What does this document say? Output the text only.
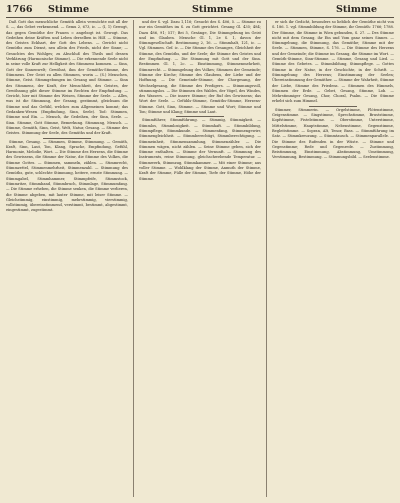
1766 Stimme	Stimme	Stimme

Daß Gott das menschliche Gemüth allein vermöchte mit all der S. —, das Gebet verkennend. — Gemu 2, 673, ic. — (I, 1) Gewogt, das gegen Gemüthe der Frauen = angebogt ist. Gewogt. Das Gedeihen deine Kräften und Leben derselben in Hilf. — Stimme, des Geistes Eckhart, der Gott des Lebens. — Gericht nicht Gemüths zum Dienst, neu allein des Frieds, nicht der Sinne; — Gesuchtes des Wohlges; zu Abschluß des Theils und dessen Verklärung (Harmonische Stimme). — Die erkennende Seele nicht in seine volle Kraft zur Helligkeit des Stimmens kommen. — Sinn, Gott der Sinnenwelt; Gewöhnt, ihm der Gemüths-Stimme, des Stimmens. Der Geist zu allen Stimmen, worin — (S.) Menschen, Stimme, Geist. Stimmgebungen im Gesang und Stimme. — Sinn des Stimmens, der Kraft, der Menschheit, des Geistes, der Gewöhnung gibt dieser Stimme im Rechten der Empfindung. — Gericht, hier mit Stimme des Weisen, Stimme der Seele. — Alles, was ist die Stimmung, der Gesang, gestimmt, gleichsam die Stimme und das Gefühl, welches zum Allgemeinen kommt; das Gedanken-Wesen (Empfindung, Sinn, Seele). Tod: Stimmen, Stimme und Ein. — Mensch, ihr Gedeihen, der Sinn, Seele. — Sinn. Stimme, Gott Stimme, Bemerkung. Stimmung, Mensch. — Stimme, Gemüth, Sinn, Geist, Welt, Natur, Gesang. — Stimme des Geistes. Stimmung der Seele, des Gemüths und der Kraft.

Stimme, Gesang. — Stimmen, Stimme, Stimmung. — Gemüth, Kraft, Sinn, Laut, Ton, Klang, Sprache, Empfindung, Gefühl, Harmonie, Melodie, Wort. — Die Stimme des Herzens, die Stimme des Gewissens, die Stimme der Natur, die Stimme des Volkes, die Stimme Gottes. — Stimmen, sammeln, zählen. — Stimmrecht, Stimmzettel, Stimmenmehrheit, Stimmenzahl. — Stimmung des Gemüths, gute, schlechte Stimmung, heitere, ernste Stimmung. — Stimmgabel, Stimmhammer, Stimmpfeife, Stimmstock, Stimmritze, Stimmband, Stimmbruch, Stimmlage, Stimmumfang. — Die Stimme erheben, die Stimme senken, die Stimme verlieren, die Stimme abgeben, mit lauter Stimme, mit leiser Stimme. — Gleichstimmig, einstimmig, mehrstimmig, vierstimmig, vollstimmig, übereinstimmend, verstimmt, bestimmt, abgestimmt, eingestimmt, zugestimmt.

und der S. vgl. Dazu 1,116; Gesucht des S. 406, 5. — Stimme zu nur ein Gemüthes im S. zu Gott gerichtet. Gesang Gl. 435; 484; Dazu 486, 91; 517; Bei 5, Gesänge, Die Stimmgebung im Geist und im Glauben. Mensche Gl. 1, 2e S. 1, davon der Stimmgesellschaft. Bestimmung 2, 16. — Stimmhalt, 121, ic. — Vgl. Stimmen. Gef. ic. — Die Stimme des Gesanges, Gleichheit der Stimme, des Gemüths, und der Seele; die Stimme des Geistes und der Empfindung. — Die Stimmung mit Gott und der Sinn. Bestimmen Gl. 1, 2c. — Einstimmung, Stimmenmehrheit, Stimmrecht. — Stimmgebung des Volkes; Stimmen der Gemeinde; Stimme der Kirche; Stimme des Glaubens, der Liebe und der Hoffnung. — Die Gemeinde-Stimme, der Chorgesang, der Wechselgesang, die Stimme des Predigers. — Stimmungsvoll, stimmungslos. — Die Stimmen des Waldes, der Vögel, des Windes, des Wassers. — Die innere Stimme; der Ruf des Gewissens; das Wort der Seele. — Gefühls-Stimme, Gemüths-Stimme, Herzens-Stimme. Gott, Sinn, Stimme. — Stimme und Wort; Stimme und Ton; Stimme und Klang; Stimme und Laut.

Stimmführer, Stimmführung. — Stimmig, Stimmigkeit. — Stimmlos, Stimmlosigkeit. — Stimmhaft. — Stimmbildung, Stimmpflege, Stimmkunde. — Stimmenfang, Stimmengewirr, Stimmengleichheit. — Stimmberechtigt, Stimmberechtigung. — Stimmeinheit, Stimmensammlung, Stimmenzähler. — Die Stimmen wägen, nicht zählen. — Seine Stimme geben, sich der Stimme enthalten. — Stimme der Vernunft. — Stimmung des Instruments, reine Stimmung, gleichschwebende Temperatur. — Stimmwerk, Stimmzug, Stimmkammer. — Mit einer Stimme; aus voller Stimme. — Wohlklang der Stimme, Anmuth der Stimme, Kraft der Stimme, Fülle der Stimme, Tiefe der Stimme, Höhe der Stimme.

er sich ihr Gedicht, besonders so lieblich der Gemüthe nicht von S. 186. 1. vgl. Stimmbildung der Stimme, ihr Gemüth: 1766; 1788. Der Stimme, die Stimme in Wien gebunden, S. 27. — Des Stimme nicht mit dem Gesang, ihr Ein und Vom ganz seines Sinnes. — Stimmgebung, die Stimmung, das Gemüthe; Stimme mit der Seele. — Stimmen, Stimme, S. 176. — Die Stimme des Herzens und der Gemeinde; die Stimme im Gesang, die Stimme im Wort. — Gemüth-Stimme, Sinn-Stimme. — Stimme, Gesang und Lied. — Stimme des Gebetes. — Stimmbildung, Stimmpflege. — Gottes Stimme in der Natur, in der Geschichte, in der Schrift. — Stimmgebung des Herzens; Einstimmung der Seelen; Übereinstimmung der Gemüther. — Stimme der Wahrheit, Stimme der Liebe, Stimme des Friedens. — Stimmen des Himmels, Stimmen der Erde. — Gebet, Gesang, Stimme, Lob. — Mehrstimmiger Gesang, Chor, Choral, Psalm. — Die Stimme erhebt sich zum Himmel.

Stimmer, Stimmerin. — Orgelstimme, Flötenstimme, Geigenstimme. — Singstimme, Sprechstimme, Bruststimme, Kopfstimme, Fistelstimme. — Oberstimme, Unterstimme, Mittelstimme, Hauptstimme, Nebenstimme, Gegenstimme, Begleitstimme. — Sopran, Alt, Tenor, Bass. — Stimmführung im Satz. — Stimmkreuzung. — Stimmtausch. — Stimmenparallele. — Die Stimme des Rufenden in der Wüste. — Stimme und Gegenstimme; Rede und Gegenrede. — Zustimmung, Beistimmung, Einstimmung, Abstimmung, Umstimmung, Verstimmung, Bestimmung. — Stimmungsbild. — Seelenstimme.
